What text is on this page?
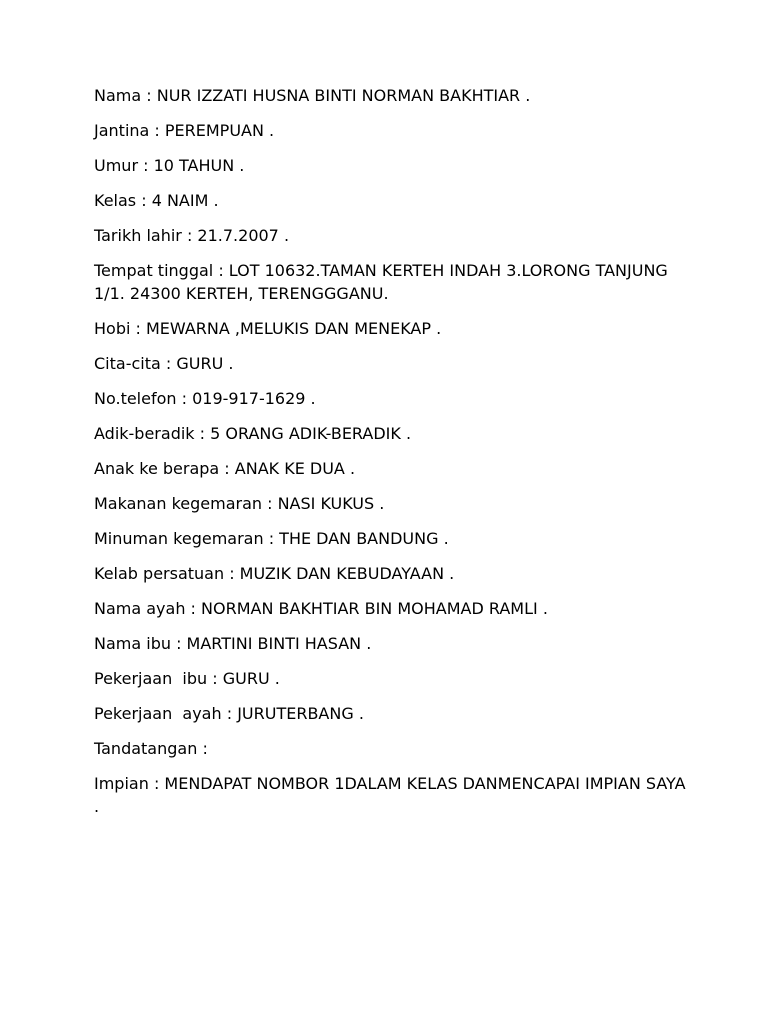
Nama : NUR IZZATI HUSNA BINTI NORMAN BAKHTIAR .

Jantina : PEREMPUAN .

Umur : 10 TAHUN .

Kelas : 4 NAIM .

Tarikh lahir : 21.7.2007 .

Tempat tinggal : LOT 10632.TAMAN KERTEH INDAH 3.LORONG TANJUNG 1/1. 24300 KERTEH, TERENGGGANU.

Hobi : MEWARNA ,MELUKIS DAN MENEKAP .

Cita-cita : GURU .

No.telefon : 019-917-1629 .

Adik-beradik : 5 ORANG ADIK-BERADIK .

Anak ke berapa : ANAK KE DUA .

Makanan kegemaran : NASI KUKUS .

Minuman kegemaran : THE DAN BANDUNG .

Kelab persatuan : MUZIK DAN KEBUDAYAAN .

Nama ayah : NORMAN BAKHTIAR BIN MOHAMAD RAMLI .

Nama ibu : MARTINI BINTI HASAN .

Pekerjaan  ibu : GURU .

Pekerjaan  ayah : JURUTERBANG .

Tandatangan :

Impian : MENDAPAT NOMBOR 1DALAM KELAS DANMENCAPAI IMPIAN SAYA .
